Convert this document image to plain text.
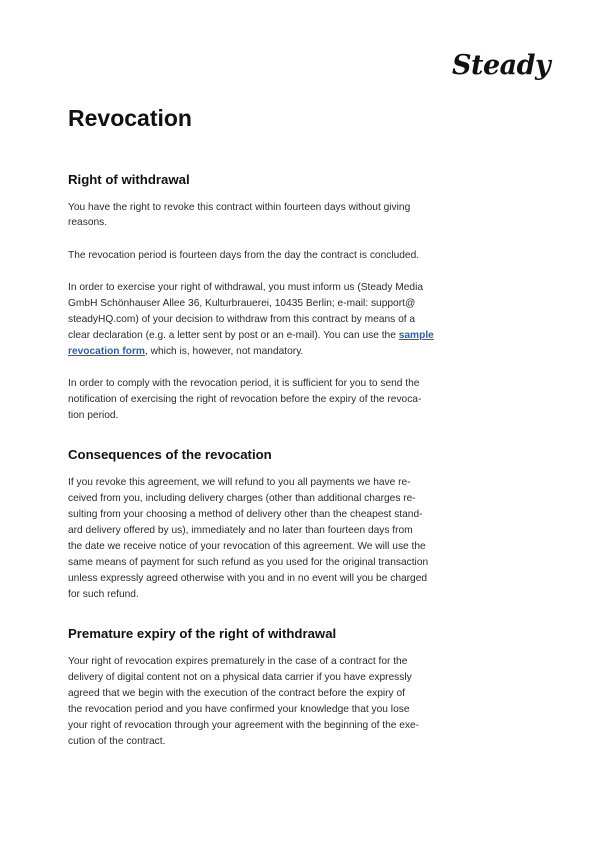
Steady
Revocation
Right of withdrawal
You have the right to revoke this contract within fourteen days without giving
reasons.
The revocation period is fourteen days from the day the contract is concluded.
In order to exercise your right of withdrawal, you must inform us (Steady Media
GmbH Schönhauser Allee 36, Kulturbrauerei, 10435 Berlin; e-mail: support@
steadyHQ.com) of your decision to withdraw from this contract by means of a
clear declaration (e.g. a letter sent by post or an e-mail). You can use the sample
revocation form, which is, however, not mandatory.
In order to comply with the revocation period, it is sufficient for you to send the
notification of exercising the right of revocation before the expiry of the revoca-
tion period.
Consequences of the revocation
If you revoke this agreement, we will refund to you all payments we have re-
ceived from you, including delivery charges (other than additional charges re-
sulting from your choosing a method of delivery other than the cheapest stand-
ard delivery offered by us), immediately and no later than fourteen days from
the date we receive notice of your revocation of this agreement. We will use the
same means of payment for such refund as you used for the original transaction
unless expressly agreed otherwise with you and in no event will you be charged
for such refund.
Premature expiry of the right of withdrawal
Your right of revocation expires prematurely in the case of a contract for the
delivery of digital content not on a physical data carrier if you have expressly
agreed that we begin with the execution of the contract before the expiry of
the revocation period and you have confirmed your knowledge that you lose
your right of revocation through your agreement with the beginning of the exe-
cution of the contract.
